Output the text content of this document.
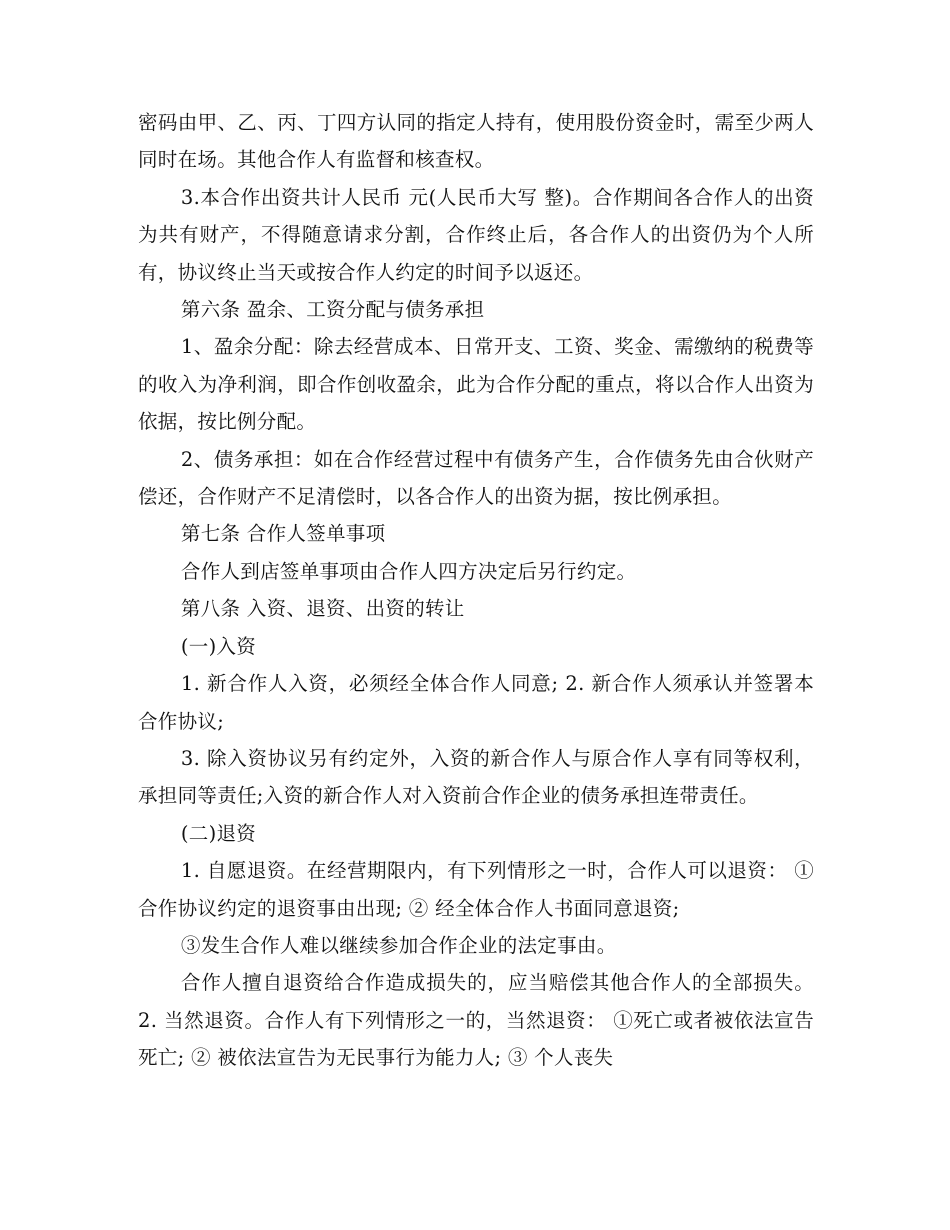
密码由甲、乙、丙、丁四方认同的指定人持有，使用股份资金时，需至少两人同时在场。其他合作人有监督和核查权。

3.本合作出资共计人民币 元(人民币大写 整)。合作期间各合作人的出资为共有财产，不得随意请求分割，合作终止后，各合作人的出资仍为个人所有，协议终止当天或按合作人约定的时间予以返还。

第六条 盈余、工资分配与债务承担

1、盈余分配：除去经营成本、日常开支、工资、奖金、需缴纳的税费等的收入为净利润，即合作创收盈余，此为合作分配的重点，将以合作人出资为依据，按比例分配。

2、债务承担：如在合作经营过程中有债务产生，合作债务先由合伙财产偿还，合作财产不足清偿时，以各合作人的出资为据，按比例承担。

第七条 合作人签单事项

合作人到店签单事项由合作人四方决定后另行约定。

第八条 入资、退资、出资的转让

(一)入资

1. 新合作人入资，必须经全体合作人同意; 2. 新合作人须承认并签署本合作协议;

3. 除入资协议另有约定外，入资的新合作人与原合作人享有同等权利，承担同等责任;入资的新合作人对入资前合作企业的债务承担连带责任。

(二)退资

1. 自愿退资。在经营期限内，有下列情形之一时，合作人可以退资： ①合作协议约定的退资事由出现; ② 经全体合作人书面同意退资;

③发生合作人难以继续参加合作企业的法定事由。

合作人擅自退资给合作造成损失的，应当赔偿其他合作人的全部损失。 2. 当然退资。合作人有下列情形之一的，当然退资： ①死亡或者被依法宣告死亡; ② 被依法宣告为无民事行为能力人; ③ 个人丧失
